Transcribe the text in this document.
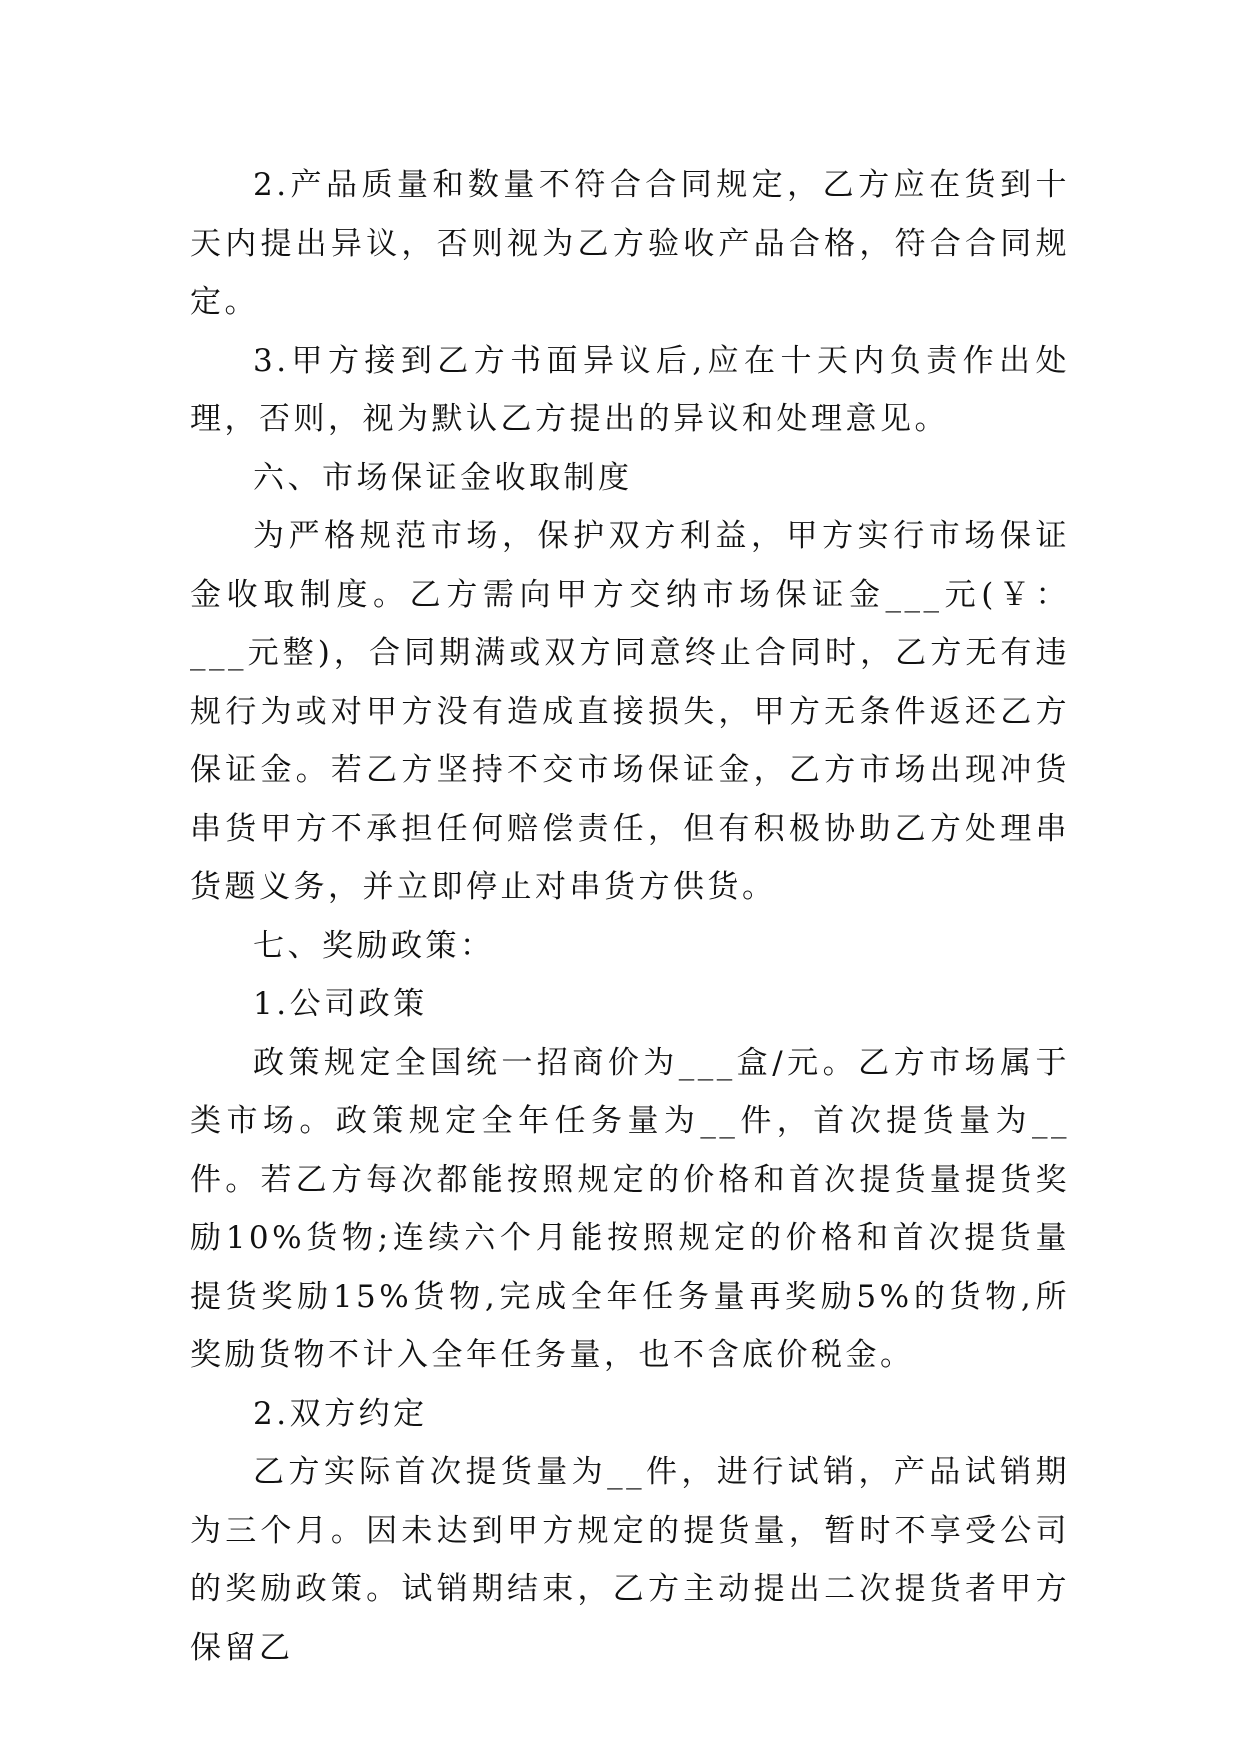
2.产品质量和数量不符合合同规定，乙方应在货到十天内提出异议，否则视为乙方验收产品合格，符合合同规定。

3.甲方接到乙方书面异议后,应在十天内负责作出处理，否则，视为默认乙方提出的异议和处理意见。

六、市场保证金收取制度

为严格规范市场，保护双方利益，甲方实行市场保证金收取制度。乙方需向甲方交纳市场保证金___元(￥：___元整)，合同期满或双方同意终止合同时，乙方无有违规行为或对甲方没有造成直接损失，甲方无条件返还乙方保证金。若乙方坚持不交市场保证金，乙方市场出现冲货串货甲方不承担任何赔偿责任，但有积极协助乙方处理串货题义务，并立即停止对串货方供货。

七、奖励政策：

1.公司政策

政策规定全国统一招商价为___盒/元。乙方市场属于类市场。政策规定全年任务量为__件，首次提货量为__件。若乙方每次都能按照规定的价格和首次提货量提货奖励10%货物;连续六个月能按照规定的价格和首次提货量提货奖励15%货物,完成全年任务量再奖励5%的货物,所奖励货物不计入全年任务量，也不含底价税金。

2.双方约定

乙方实际首次提货量为__件，进行试销，产品试销期为三个月。因未达到甲方规定的提货量，暂时不享受公司的奖励政策。试销期结束，乙方主动提出二次提货者甲方保留乙
